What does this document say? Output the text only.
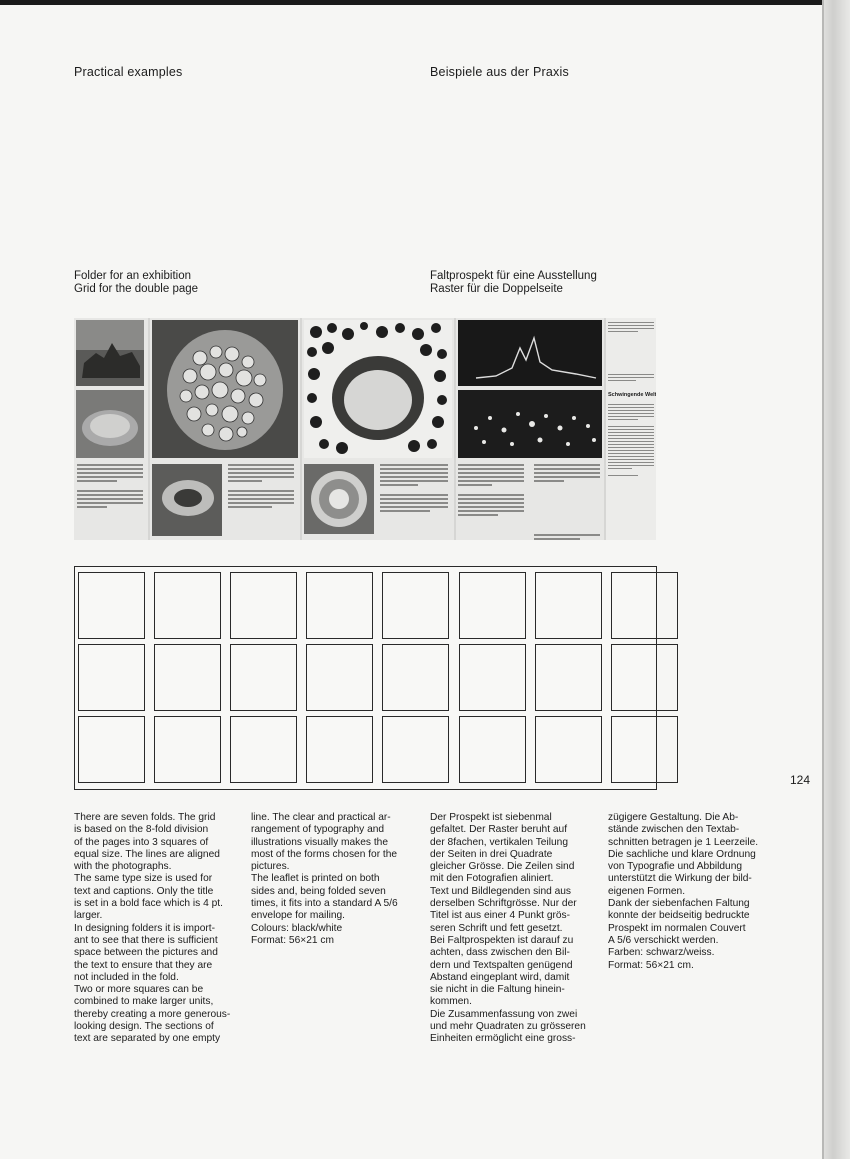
Practical examples	Beispiele aus der Praxis

Folder for an exhibition

Grid for the double page

Faltprospekt für eine Ausstellung

Raster für die Doppelseite

Schwingende Welt

124

There are seven folds. The grid
is based on the 8-fold division
of the pages into 3 squares of
equal size. The lines are aligned
with the photographs.
The same type size is used for
text and captions. Only the title
is set in a bold face which is 4 pt.
larger.
In designing folders it is import-
ant to see that there is sufficient
space between the pictures and
the text to ensure that they are
not included in the fold.
Two or more squares can be
combined to make larger units,
thereby creating a more generous-
looking design. The sections of
text are separated by one empty

line. The clear and practical ar-
rangement of typography and
illustrations visually makes the
most of the forms chosen for the
pictures.
The leaflet is printed on both
sides and, being folded seven
times, it fits into a standard A 5/6
envelope for mailing.
Colours: black/white
Format: 56×21 cm

Der Prospekt ist siebenmal
gefaltet. Der Raster beruht auf
der 8fachen, vertikalen Teilung
der Seiten in drei Quadrate
gleicher Grösse. Die Zeilen sind
mit den Fotografien aliniert.
Text und Bildlegenden sind aus
derselben Schriftgrösse. Nur der
Titel ist aus einer 4 Punkt grös-
seren Schrift und fett gesetzt.
Bei Faltprospekten ist darauf zu
achten, dass zwischen den Bil-
dern und Textspalten genügend
Abstand eingeplant wird, damit
sie nicht in die Faltung hinein-
kommen.
Die Zusammenfassung von zwei
und mehr Quadraten zu grösseren
Einheiten ermöglicht eine gross-

zügigere Gestaltung. Die Ab-
stände zwischen den Textab-
schnitten betragen je 1 Leerzeile.
Die sachliche und klare Ordnung
von Typografie und Abbildung
unterstützt die Wirkung der bild-
eigenen Formen.
Dank der siebenfachen Faltung
konnte der beidseitig bedruckte
Prospekt im normalen Couvert
A 5/6 verschickt werden.
Farben: schwarz/weiss.
Format: 56×21 cm.
